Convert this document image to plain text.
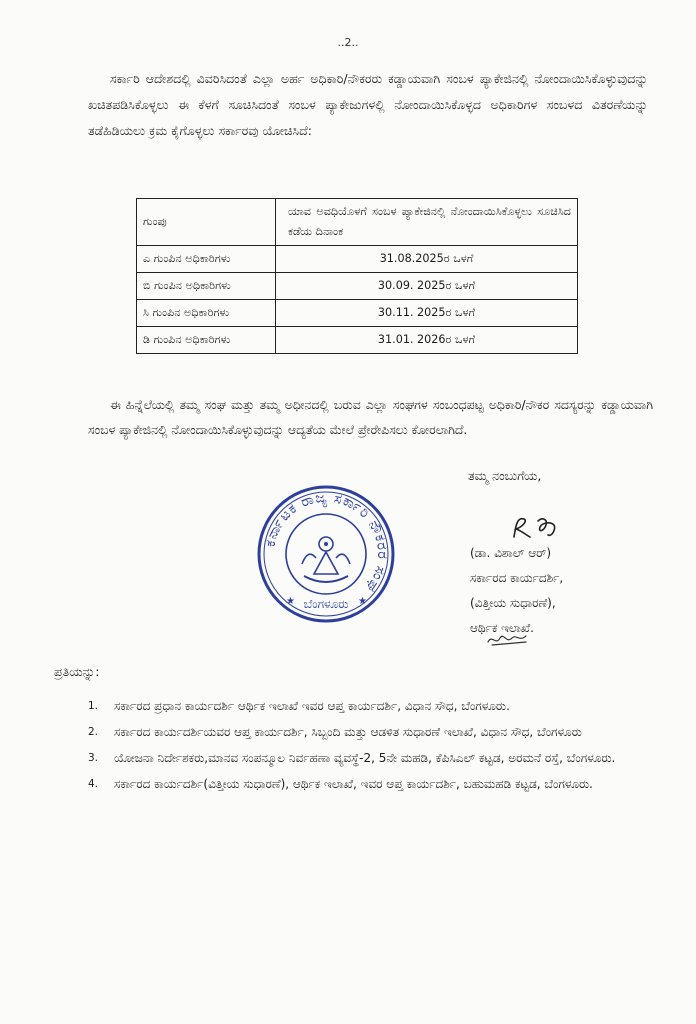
..2..

ಸರ್ಕಾರಿ ಆದೇಶದಲ್ಲಿ ವಿವರಿಸಿದಂತೆ ಎಲ್ಲಾ ಅರ್ಹ ಅಧಿಕಾರಿ/ನೌಕರರು ಕಡ್ಡಾಯವಾಗಿ ಸಂಬಳ ಪ್ಯಾಕೇಜಿನಲ್ಲಿ ನೋಂದಾಯಿಸಿಕೊಳ್ಳುವುದನ್ನು ಖಚಿತಪಡಿಸಿಕೊಳ್ಳಲು ಈ ಕೆಳಗೆ ಸೂಚಿಸಿದಂತೆ ಸಂಬಳ ಪ್ಯಾಕೇಜುಗಳಲ್ಲಿ ನೋಂದಾಯಿಸಿಕೊಳ್ಳದ ಅಧಿಕಾರಿಗಳ ಸಂಬಳದ ವಿತರಣೆಯನ್ನು ತಡೆಹಿಡಿಯಲು ಕ್ರಮ ಕೈಗೊಳ್ಳಲು ಸರ್ಕಾರವು ಯೋಚಿಸಿದೆ:

ಗುಂಪು	ಯಾವ ಅವಧಿಯೊಳಗೆ ಸಂಬಳ ಪ್ಯಾಕೇಜಿನಲ್ಲಿ ನೋಂದಾಯಿಸಿಕೊಳ್ಳಲು ಸೂಚಿಸಿದ ಕಡೆಯ ದಿನಾಂಕ
ಎ ಗುಂಪಿನ ಅಧಿಕಾರಿಗಳು	31.08.2025ರ ಒಳಗೆ
ಬಿ ಗುಂಪಿನ ಅಧಿಕಾರಿಗಳು	30.09. 2025ರ ಒಳಗೆ
ಸಿ ಗುಂಪಿನ ಅಧಿಕಾರಿಗಳು	30.11. 2025ರ ಒಳಗೆ
ಡಿ ಗುಂಪಿನ ಅಧಿಕಾರಿಗಳು	31.01. 2026ರ ಒಳಗೆ

ಈ ಹಿನ್ನೆಲೆಯಲ್ಲಿ ತಮ್ಮ ಸಂಘ ಮತ್ತು ತಮ್ಮ ಅಧೀನದಲ್ಲಿ ಬರುವ ಎಲ್ಲಾ ಸಂಘಗಳ ಸಂಬಂಧಪಟ್ಟ ಅಧಿಕಾರಿ/ನೌಕರ ಸದಸ್ಯರನ್ನು ಕಡ್ಡಾಯವಾಗಿ ಸಂಬಳ ಪ್ಯಾಕೇಜಿನಲ್ಲಿ ನೋಂದಾಯಿಸಿಕೊಳ್ಳುವುದನ್ನು ಆದ್ಯತೆಯ ಮೇಲೆ ಪ್ರೇರೇಪಿಸಲು ಕೋರಲಾಗಿದೆ.

ತಮ್ಮ ನಂಬುಗೆಯ,
ಕರ್ನಾಟಕ ರಾಜ್ಯ ಸರ್ಕಾರಿ ನೌಕರರ ಸಂಘ
ಬೆಂಗಳೂರು
★	★
(ಡಾ. ವಿಶಾಲ್ ಆರ್)
ಸರ್ಕಾರದ ಕಾರ್ಯದರ್ಶಿ,
(ವಿತ್ತೀಯ ಸುಧಾರಣೆ),
ಆರ್ಥಿಕ ಇಲಾಖೆ.
ಪ್ರತಿಯನ್ನು:
1. ಸರ್ಕಾರದ ಪ್ರಧಾನ ಕಾರ್ಯದರ್ಶಿ ಆರ್ಥಿಕ ಇಲಾಖೆ ಇವರ ಆಪ್ತ ಕಾರ್ಯದರ್ಶಿ, ವಿಧಾನ ಸೌಧ, ಬೆಂಗಳೂರು.
2. ಸರ್ಕಾರದ ಕಾರ್ಯದರ್ಶಿಯವರ ಆಪ್ತ ಕಾರ್ಯದರ್ಶಿ, ಸಿಬ್ಬಂದಿ ಮತ್ತು ಆಡಳಿತ ಸುಧಾರಣೆ ಇಲಾಖೆ, ವಿಧಾನ ಸೌಧ, ಬೆಂಗಳೂರು
3. ಯೋಜನಾ ನಿರ್ದೇಶಕರು,ಮಾನವ ಸಂಪನ್ಮೂಲ ನಿರ್ವಹಣಾ ವ್ಯವಸ್ಥೆ-2, 5ನೇ ಮಹಡಿ, ಕೆಪಿಸಿಎಲ್ ಕಟ್ಟಡ, ಅರಮನೆ ರಸ್ತೆ, ಬೆಂಗಳೂರು.
4. ಸರ್ಕಾರದ ಕಾರ್ಯದರ್ಶಿ(ವಿತ್ತೀಯ ಸುಧಾರಣೆ), ಆರ್ಥಿಕ ಇಲಾಖೆ, ಇವರ ಆಪ್ತ ಕಾರ್ಯದರ್ಶಿ, ಬಹುಮಹಡಿ ಕಟ್ಟಡ, ಬೆಂಗಳೂರು.
